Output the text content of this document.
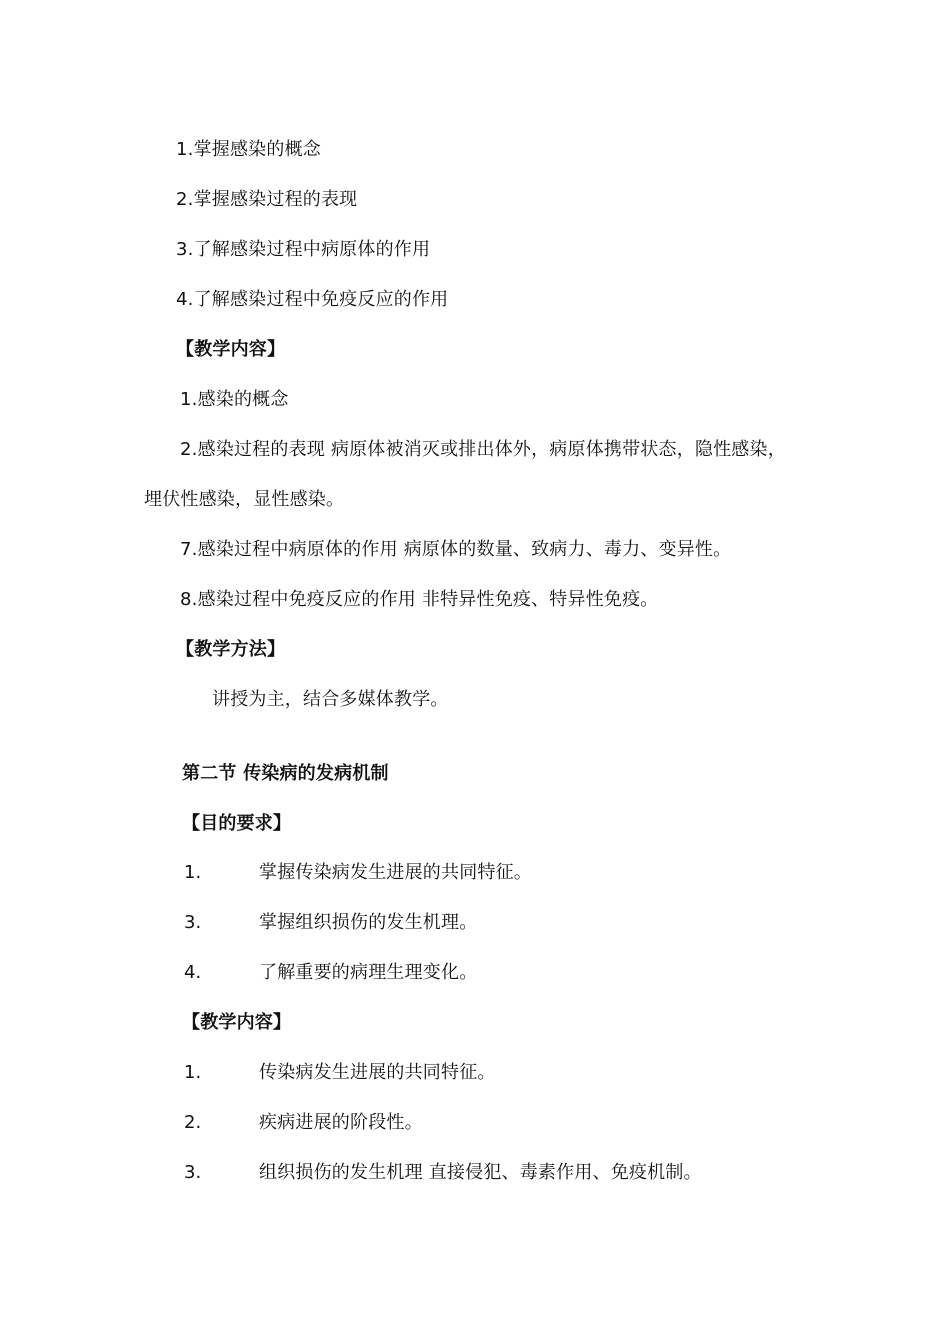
1.掌握感染的概念
2.掌握感染过程的表现
3.了解感染过程中病原体的作用
4.了解感染过程中免疫反应的作用
【教学内容】
1.感染的概念
2.感染过程的表现 病原体被消灭或排出体外，病原体携带状态，隐性感染，
埋伏性感染，显性感染。
7.感染过程中病原体的作用 病原体的数量、致病力、毒力、变异性。
8.感染过程中免疫反应的作用 非特异性免疫、特异性免疫。
【教学方法】
讲授为主，结合多媒体教学。
第二节 传染病的发病机制
【目的要求】
1.	掌握传染病发生进展的共同特征。
3.	掌握组织损伤的发生机理。
4.	了解重要的病理生理变化。
【教学内容】
1.	传染病发生进展的共同特征。
2.	疾病进展的阶段性。
3.	组织损伤的发生机理 直接侵犯、毒素作用、免疫机制。
